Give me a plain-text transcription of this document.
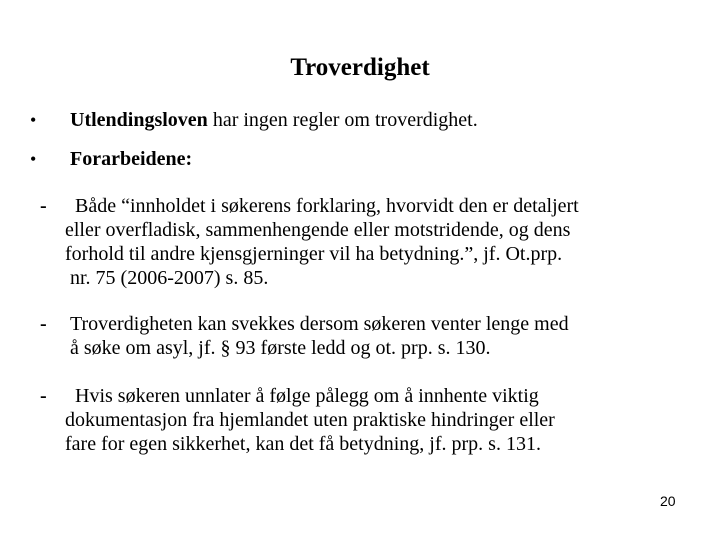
Troverdighet
• Utlendingsloven har ingen regler om troverdighet.
• Forarbeidene:
- Både “innholdet i søkerens forklaring, hvorvidt den er detaljert
eller overfladisk, sammenhengende eller motstridende, og dens
forhold til andre kjensgjerninger vil ha betydning.”, jf. Ot.prp.
nr. 75 (2006-2007) s. 85.
- Troverdigheten kan svekkes dersom søkeren venter lenge med
å søke om asyl, jf. § 93 første ledd og ot. prp. s. 130.
- Hvis søkeren unnlater å følge pålegg om å innhente viktig
dokumentasjon fra hjemlandet uten praktiske hindringer eller
fare for egen sikkerhet, kan det få betydning, jf. prp. s. 131.
20
